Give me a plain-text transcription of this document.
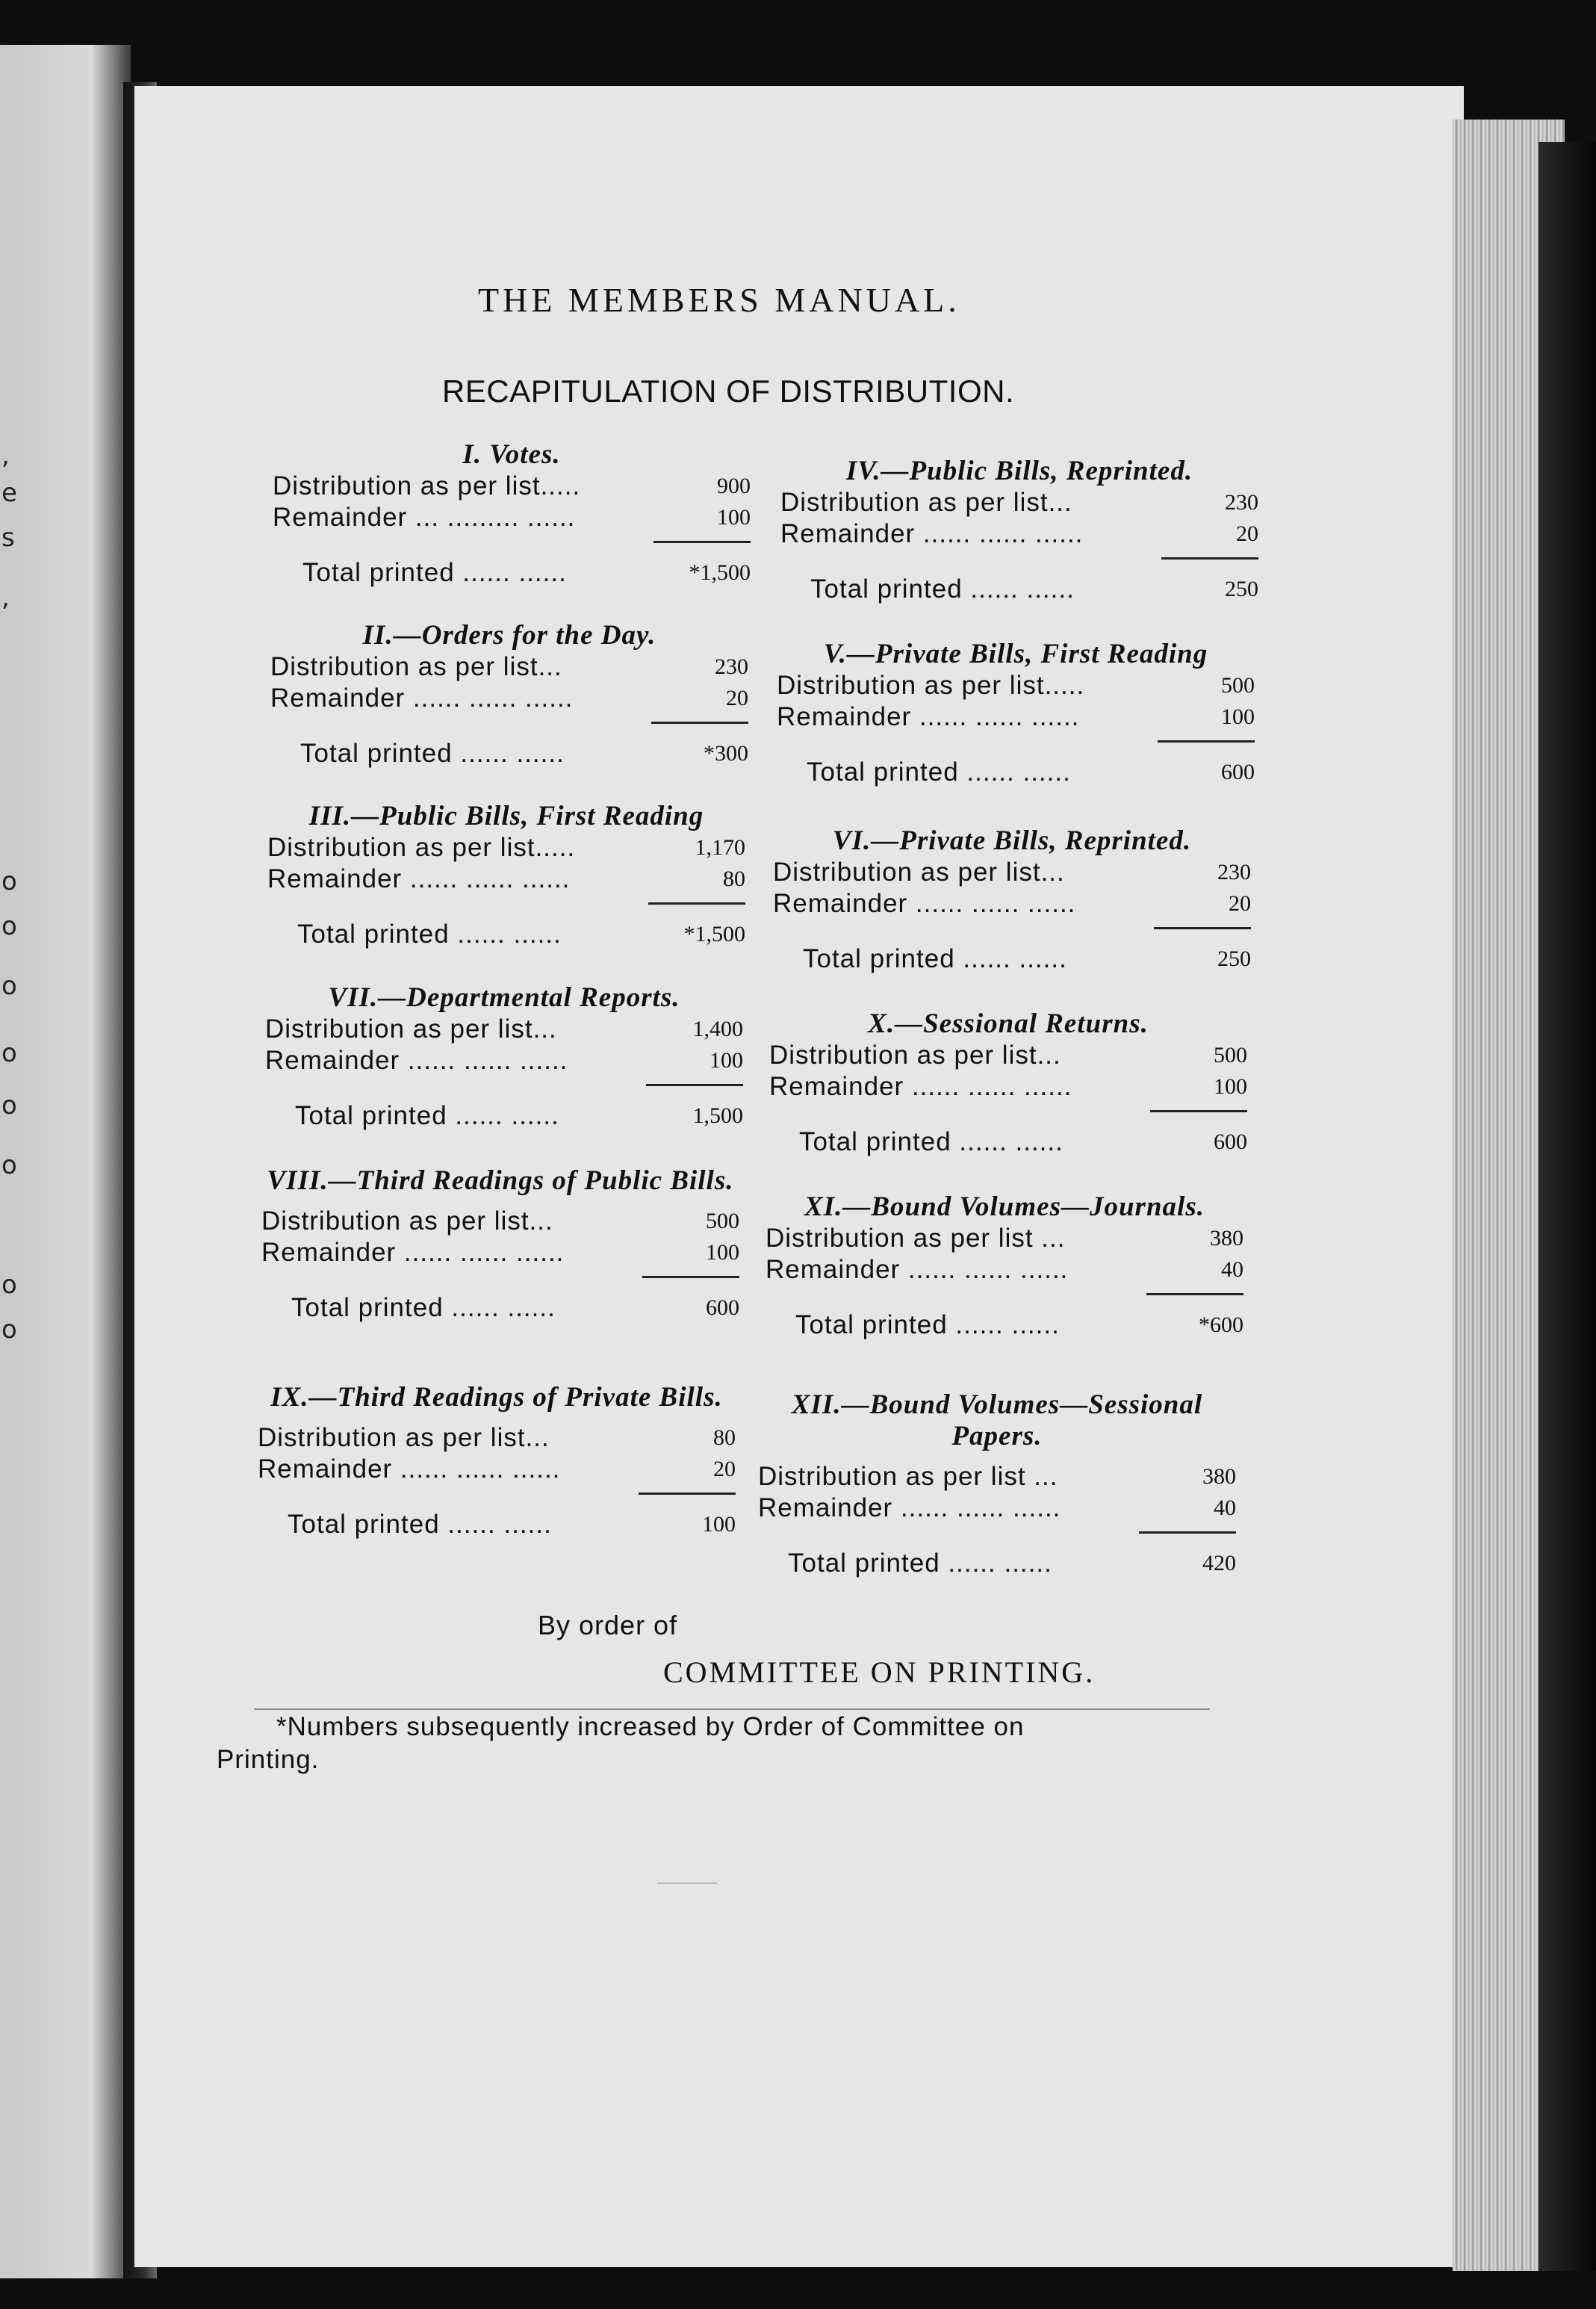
,
e
s
,
o
o
o
o
o
o
o
o
THE MEMBERS MANUAL.
RECAPITULATION OF DISTRIBUTION.
I. Votes.
Distribution as per list.....	900
Remainder ... ......... ......	100
Total printed ...... ......	*1,500
II.—Orders for the Day.
Distribution as per list...	230
Remainder ...... ...... ......	20
Total printed ...... ......	*300
III.—Public Bills, First Reading
Distribution as per list.....	1,170
Remainder ...... ...... ......	80
Total printed ...... ......	*1,500
VII.—Departmental Reports.
Distribution as per list...	1,400
Remainder ...... ...... ......	100
Total printed ...... ......	1,500
VIII.—Third Readings of Public Bills.
Distribution as per list...	500
Remainder ...... ...... ......	100
Total printed ...... ......	600
IX.—Third Readings of Private Bills.
Distribution as per list...	80
Remainder ...... ...... ......	20
Total printed ...... ......	100
IV.—Public Bills, Reprinted.
Distribution as per list...	230
Remainder ...... ...... ......	20
Total printed ...... ......	250
V.—Private Bills, First Reading
Distribution as per list.....	500
Remainder ...... ...... ......	100
Total printed ...... ......	600
VI.—Private Bills, Reprinted.
Distribution as per list...	230
Remainder ...... ...... ......	20
Total printed ...... ......	250
X.—Sessional Returns.
Distribution as per list...	500
Remainder ...... ...... ......	100
Total printed ...... ......	600
XI.—Bound Volumes—Journals.
Distribution as per list ...	380
Remainder ...... ...... ......	40
Total printed ...... ......	*600
XII.—Bound Volumes—Sessional Papers.
Distribution as per list ...	380
Remainder ...... ...... ......	40
Total printed ...... ......	420
By order of
COMMITTEE ON PRINTING.
*Numbers subsequently increased by Order of Committee on
Printing.
